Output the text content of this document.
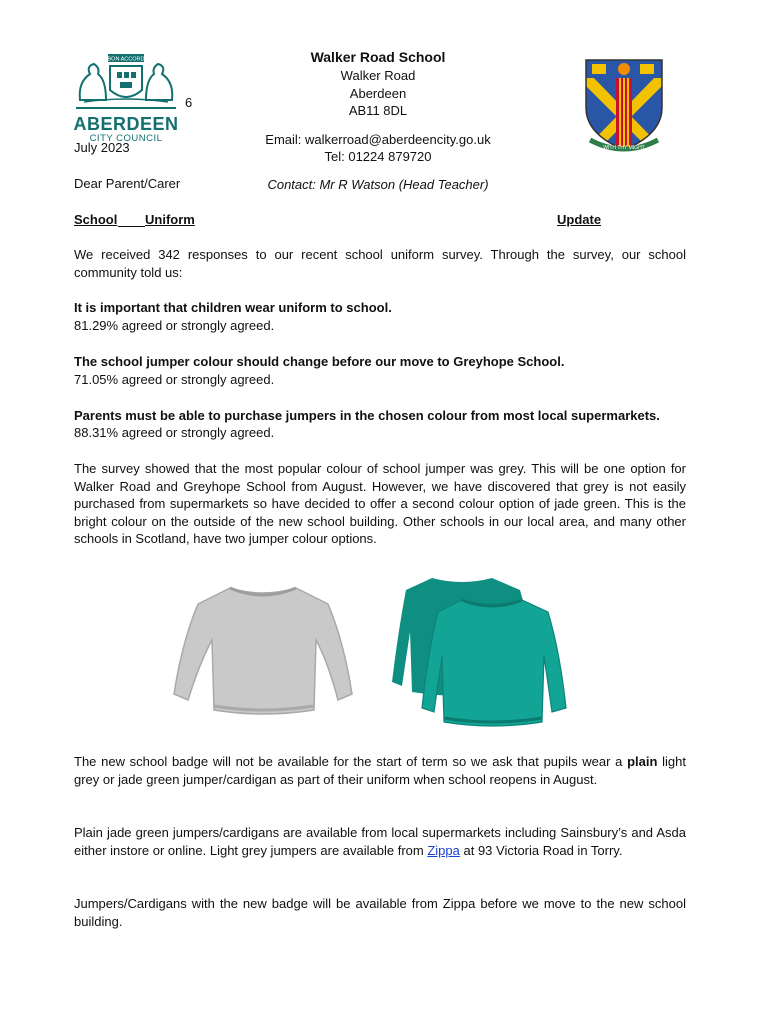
BON ACCORD
ABERDEEN
CITY COUNCIL
6
July 2023
Walker Road School
Walker Road
Aberdeen
AB11 8DL
Email: walkerroad@aberdeencity.go.uk
Tel: 01224 879720
Contact: Mr R Watson (Head Teacher)
WITH THY MIGHT
Dear Parent/Carer
School Uniform	Update
We received 342 responses to our recent school uniform survey. Through the survey, our school community told us:
It is important that children wear uniform to school.
81.29% agreed or strongly agreed.
The school jumper colour should change before our move to Greyhope School.
71.05% agreed or strongly agreed.
Parents must be able to purchase jumpers in the chosen colour from most local supermarkets.
88.31% agreed or strongly agreed.
The survey showed that the most popular colour of school jumper was grey. This will be one option for Walker Road and Greyhope School from August. However, we have discovered that grey is not easily purchased from supermarkets so have decided to offer a second colour option of jade green. This is the bright colour on the outside of the new school building. Other schools in our local area, and many other schools in Scotland, have two jumper colour options.
The new school badge will not be available for the start of term so we ask that pupils wear a plain light grey or jade green jumper/cardigan as part of their uniform when school reopens in August.
Plain jade green jumpers/cardigans are available from local supermarkets including Sainsbury’s and Asda either instore or online. Light grey jumpers are available from Zippa at 93 Victoria Road in Torry.
Jumpers/Cardigans with the new badge will be available from Zippa before we move to the new school building.
